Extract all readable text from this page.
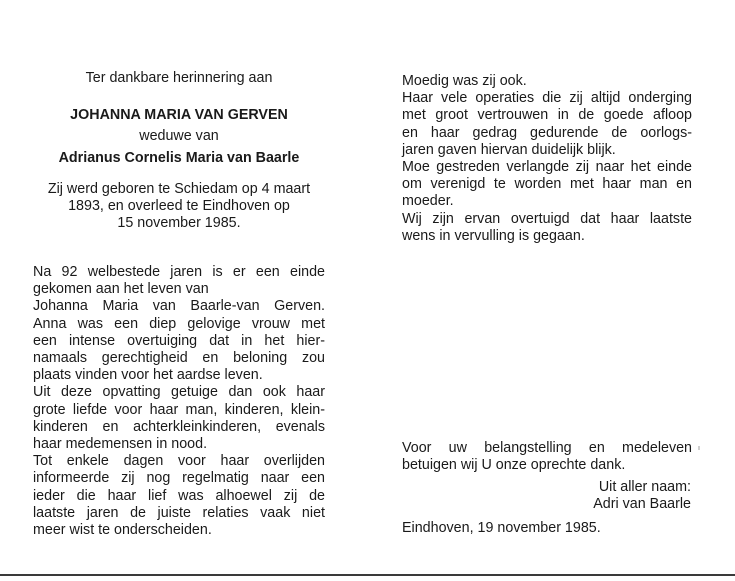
Ter dankbare herinnering aan
JOHANNA MARIA VAN GERVEN
weduwe van
Adrianus Cornelis Maria van Baarle
Zij werd geboren te Schiedam op 4 maart
1893, en overleed te Eindhoven op
15 november 1985.
Na 92 welbestede jaren is er een einde
gekomen aan het leven van
Johanna Maria van Baarle-van Gerven.
Anna was een diep gelovige vrouw met
een intense overtuiging dat in het hier-
namaals gerechtigheid en beloning zou
plaats vinden voor het aardse leven.
Uit deze opvatting getuige dan ook haar
grote liefde voor haar man, kinderen, klein-
kinderen en achterkleinkinderen, evenals
haar medemensen in nood.
Tot enkele dagen voor haar overlijden
informeerde zij nog regelmatig naar een
ieder die haar lief was alhoewel zij de
laatste jaren de juiste relaties vaak niet
meer wist te onderscheiden.
Moedig was zij ook.
Haar vele operaties die zij altijd onderging
met groot vertrouwen in de goede afloop
en haar gedrag gedurende de oorlogs-
jaren gaven hiervan duidelijk blijk.
Moe gestreden verlangde zij naar het einde
om verenigd te worden met haar man en
moeder.
Wij zijn ervan overtuigd dat haar laatste
wens in vervulling is gegaan.
Voor uw belangstelling en medeleven
betuigen wij U onze oprechte dank.
Uit aller naam:
Adri van Baarle
Eindhoven, 19 november 1985.
